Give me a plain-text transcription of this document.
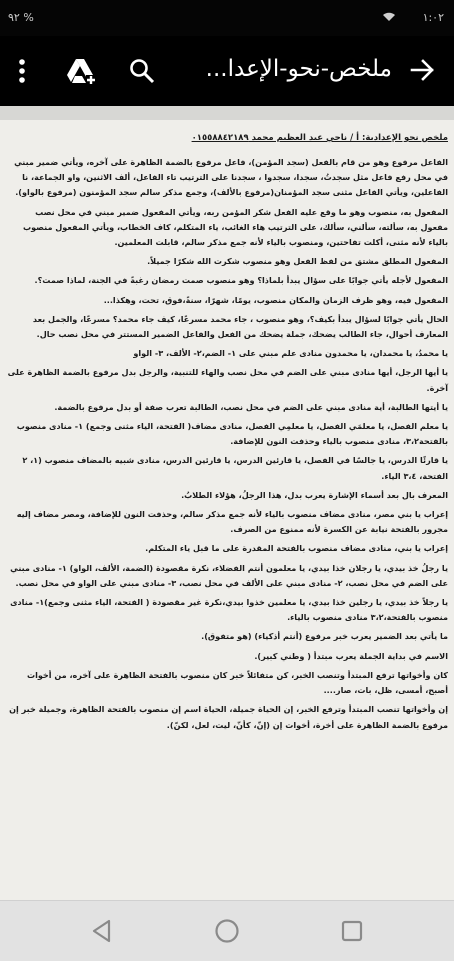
١:٠٢
٩٢ %
ملخص-نحو-الإعدا...
ملخص نحو الإعدادية: أ / ناجي عبد العظيم محمد ٠١٥٥٨٨٤٢١٨٩

الفاعل مرفوع وهو من قام بالفعل (سجد المؤمن)، فاعل مرفوع بالضمة الظاهرة على آخره، ويأتي ضمير مبني في محل رفع فاعل مثل سجدتُ، سجدا، سجدوا ، سجدنا على الترتيب تاء الفاعل، ألف الاثنين، واو الجماعة، نا الفاعلين، ويأتي الفاعل مثنى سجد المؤمنان(مرفوع بالألف)، وجمع مذكر سالم سجد المؤمنون (مرفوع بالواو).

المفعول به، منصوب وهو ما وقع عليه الفعل شكر المؤمن ربه، ويأتي المفعول ضمير مبني في محل نصب مفعول به، سألته، سألني، سألك، على الترتيب هاء الغائب، ياء المتكلم، كاف الخطاب، ويأتي المفعول منصوب بالياء لأنه مثنى، أكلت تفاحتين، ومنصوب بالياء لأنه جمع مذكر سالم، قابلت المعلمين.

المفعول المطلق مشتق من لفظ الفعل وهو منصوب شكرت الله شكرًا جميلاً.

المفعول لأجله يأتي جوابًا على سؤال يبدأ بلماذا؟ وهو منصوب صمت رمضان رغبةً في الجنة، لماذا صمت؟.

المفعول فيه، وهو ظرف الزمان والمكان منصوب، يومًا، شهرًا، سنةً،فوق، تحت، وهكذا...

الحال يأتي جوابًا لسؤال يبدأ بكيف؟، وهو منصوب ، جاء محمد مسرعًا، كيف جاء محمد؟ مسرعًا، والجمل بعد المعارف أحوال، جاء الطالب يضحك، جملة يضحك من الفعل والفاعل الضمير المستتر في محل نصب حال.

يا محمدُ، يا محمدان، يا محمدون منادى علم مبني على ١- الضم،٢- الألف، ٣- الواو

يا أيها الرجل، أيها منادى مبني على الضم في محل نصب والهاء للتنبية، والرجل بدل مرفوع بالضمة الظاهرة على آخرة.

يا أيتها الطالبة، أية منادى مبني على الضم في محل نصب، الطالبة تعرب صفة أو بدل مرفوع بالضمة.

يا معلم الفصل، يا معلمَي الفصل، يا معلمِي الفصل، منادى مضاف( الفتحة، الياء مثنى وجمع) ١- منادى منصوب بالفتحة٣،٢، منادى منصوب بالياء وحذفت النون للإضافة.

يا قارئًا الدرس، يا جالسًا في الفصل، يا قارئين الدرس، يا قارئين الدرس، منادى شبيه بالمضاف منصوب (١، ٢ الفتحة، ٣،٤ الياء.

المعرف بال بعد أسماء الإشارة يعرب بدل، هذا الرجلُ، هؤلاء الطلابُ.

إعراب يا بني مصر، منادى مضاف منصوب بالياء لأنه جمع مذكر سالم، وحذفت النون للإضافة، ومصر مضاف إليه مجرور بالفتحة نيابة عن الكسرة لأنه ممنوع من الصرف.

إعراب يا بني، منادى مضاف منصوب بالفتحة المقدرة على ما قبل ياء المتكلم.

يا رجلُ خذ بيدي، يا رجلان خذا بيدي، يا معلمون أنتم الفضلاء، نكرة مقصودة (الضمة، الألف، الواو) ١- منادى مبني على الضم في محل نصب، ٢- منادى مبني على الألف في محل نصب، ٣- منادى مبني على الواو في محل نصب.

يا رجلاً خذ بيدي، يا رجلين خذا بيدي، يا معلمين خذوا بيدي،نكرة غير مقصودة ( الفتحة، الياء مثنى وجمع)١- منادى منصوب بالفتحة،٣،٢ منادى منصوب بالياء.

ما يأتي بعد الضمير يعرب خبر مرفوع (أنتم أذكياء) (هو متفوق).

الاسم في بداية الجملة يعرب مبتدأ ( وطني كبير).

كان وأخواتها ترفع المبتدأ وتنصب الخبر، كن متفائلاً خبر كان منصوب بالفتحة الظاهرة على آخره، من أخوات أصبح، أمسى، ظل، بات، صار....

إن وأخواتها تنصب المبتدأ وترفع الخبر، إن الحياة جميلة، الحياة اسم إن منصوب بالفتحة الظاهرة، وجميلة خبر إن مرفوع بالضمة الظاهرة على أخرة، أخوات إن (إنّ، كأنّ، ليت، لعل، لكنّ).
